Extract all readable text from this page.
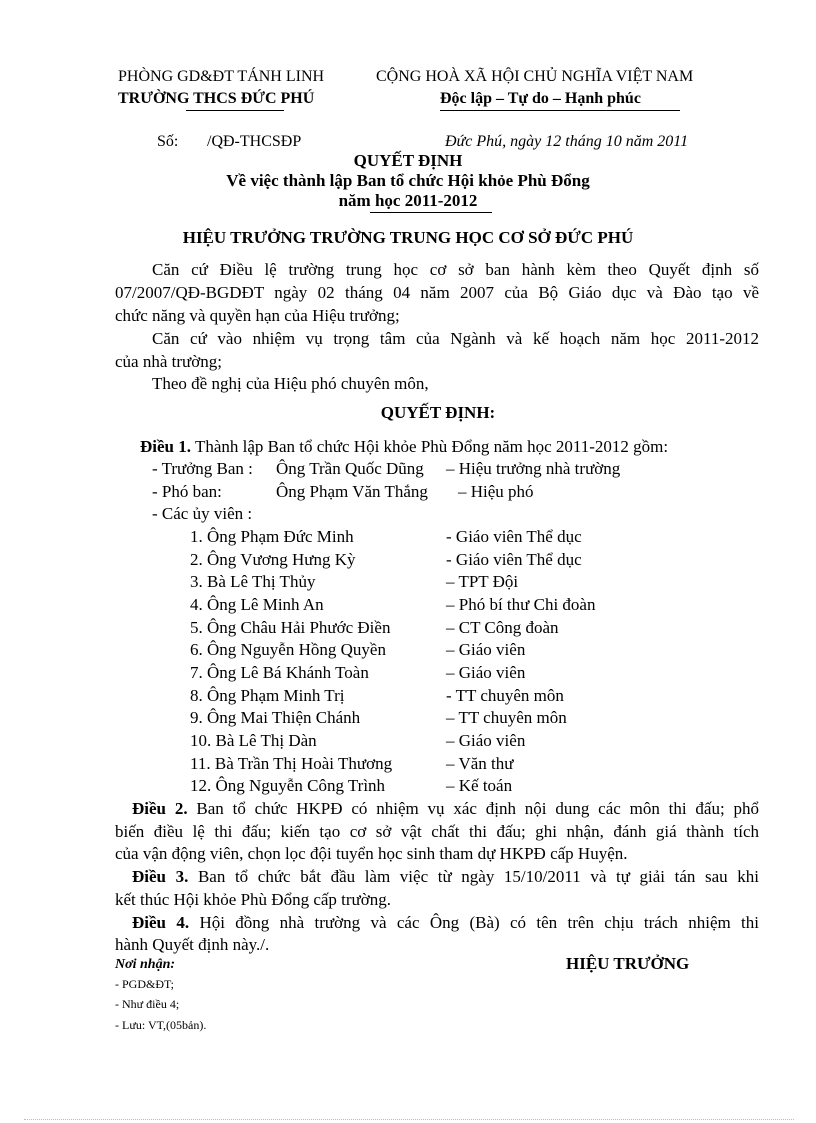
PHÒNG GD&ĐT TÁNH LINH
TRƯỜNG THCS ĐỨC PHÚ
CỘNG HOÀ XÃ HỘI CHỦ NGHĨA VIỆT NAM
Độc lập – Tự do – Hạnh phúc
Số: /QĐ-THCSĐP	Đức Phú, ngày 12 tháng 10 năm 2011
QUYẾT ĐỊNH
Về việc thành lập Ban tổ chức Hội khỏe Phù Đổng
năm học 2011-2012
HIỆU TRƯỞNG TRƯỜNG TRUNG HỌC CƠ SỞ ĐỨC PHÚ
Căn cứ Điều lệ trường trung học cơ sở ban hành kèm theo Quyết định số
07/2007/QĐ-BGDĐT ngày 02 tháng 04 năm 2007 của Bộ Giáo dục và Đào tạo về
chức năng và quyền hạn của Hiệu trưởng;
Căn cứ vào nhiệm vụ trọng tâm của Ngành và kế hoạch năm học 2011-2012
của nhà trường;
Theo đề nghị của Hiệu phó chuyên môn,
QUYẾT ĐỊNH:
Điều 1. Thành lập Ban tổ chức Hội khỏe Phù Đổng năm học 2011-2012 gồm:
- Trưởng Ban : Ông Trần Quốc Dũng – Hiệu trưởng nhà trường
- Phó ban:	Ông Phạm Văn Thắng – Hiệu phó
- Các ủy viên :
1. Ông Phạm Đức Minh	- Giáo viên Thể dục
2. Ông Vương Hưng Kỳ	- Giáo viên Thể dục
3. Bà Lê Thị Thủy	– TPT Đội
4. Ông Lê Minh An	– Phó bí thư Chi đoàn
5. Ông Châu Hải Phước Điền	– CT Công đoàn
6. Ông Nguyễn Hồng Quyền	– Giáo viên
7. Ông Lê Bá Khánh Toàn	– Giáo viên
8. Ông Phạm Minh Trị	- TT chuyên môn
9. Ông Mai Thiện Chánh	– TT chuyên môn
10. Bà Lê Thị Dàn	– Giáo viên
11. Bà Trần Thị Hoài Thương	– Văn thư
12. Ông Nguyễn Công Trình	– Kế toán
Điều 2. Ban tổ chức HKPĐ có nhiệm vụ xác định nội dung các môn thi đấu; phổ
biến điều lệ thi đấu; kiến tạo cơ sở vật chất thi đấu; ghi nhận, đánh giá thành tích
của vận động viên, chọn lọc đội tuyển học sinh tham dự HKPĐ cấp Huyện.
Điều 3. Ban tổ chức bắt đầu làm việc từ ngày 15/10/2011 và tự giải tán sau khi
kết thúc Hội khỏe Phù Đổng cấp trường.
Điều 4. Hội đồng nhà trường và các Ông (Bà) có tên trên chịu trách nhiệm thi
hành Quyết định này./.
Nơi nhận:
- PGD&ĐT;
- Như điều 4;
- Lưu: VT,(05bản).
HIỆU TRƯỞNG
